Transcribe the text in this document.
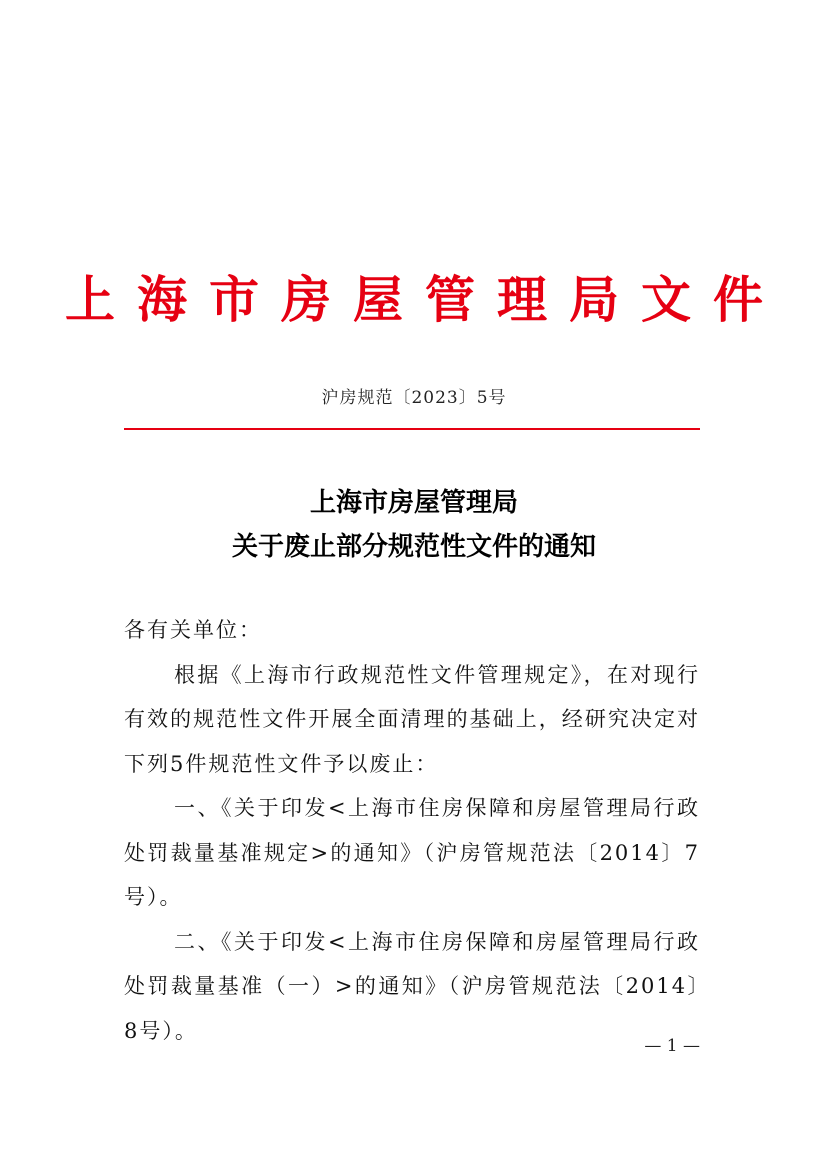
上海市房屋管理局文件
沪房规范〔2023〕5号
上海市房屋管理局
关于废止部分规范性文件的通知

各有关单位：

根据《上海市行政规范性文件管理规定》，在对现行有效的规范性文件开展全面清理的基础上，经研究决定对下列5件规范性文件予以废止：

一、《关于印发<上海市住房保障和房屋管理局行政处罚裁量基准规定>的通知》（沪房管规范法〔2014〕7号）。

二、《关于印发<上海市住房保障和房屋管理局行政处罚裁量基准（一）>的通知》（沪房管规范法〔2014〕8号）。

— 1 —
